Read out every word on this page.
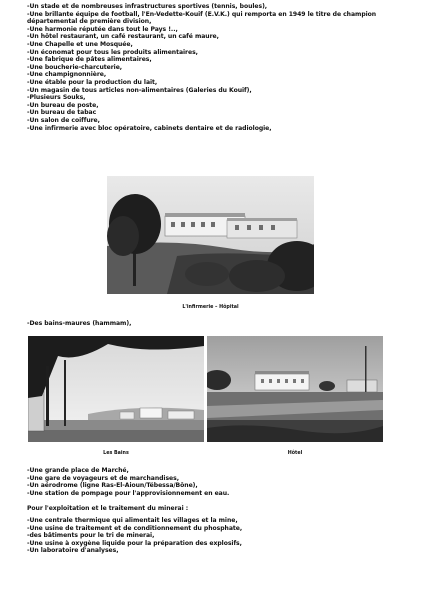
-Un stade et de nombreuses infrastructures sportives (tennis, boules),
-Une brillante équipe de football, l'En-Vedette-Kouif (E.V.K.) qui remporta en 1949 le titre de champion
départemental de première division,
-Une harmonie réputée dans tout le Pays !..,
-Un hôtel restaurant, un café restaurant, un café maure,
-Une Chapelle et une Mosquée,
-Un économat pour tous les produits alimentaires,
-Une fabrique de pâtes alimentaires,
-Une boucherie-charcuterie,
-Une champignonnière,
-Une étable pour la production du lait,
-Un magasin de tous articles non-alimentaires (Galeries du Kouif),
-Plusieurs Souks,
-Un bureau de poste,
-Un bureau de tabac
-Un salon de coiffure,
-Une infirmerie avec bloc opératoire, cabinets dentaire et de radiologie,
L'infirmerie – Hôpital
-Des bains-maures (hammam),
Les Bains	Hôtel
-Une grande place de Marché,
-Une gare de voyageurs et de marchandises,
-Un aérodrome (ligne Ras-El-Aioun/Tébessa/Bône),
-Une station de pompage pour l'approvisionnement en eau.
Pour l'exploitation et le traitement du minerai :
-Une centrale thermique qui alimentait les villages et la mine,
-Une usine de traitement et de conditionnement du phosphate,
-des bâtiments pour le tri de minerai,
-Une usine à oxygène liquide pour la préparation des explosifs,
-Un laboratoire d'analyses,
